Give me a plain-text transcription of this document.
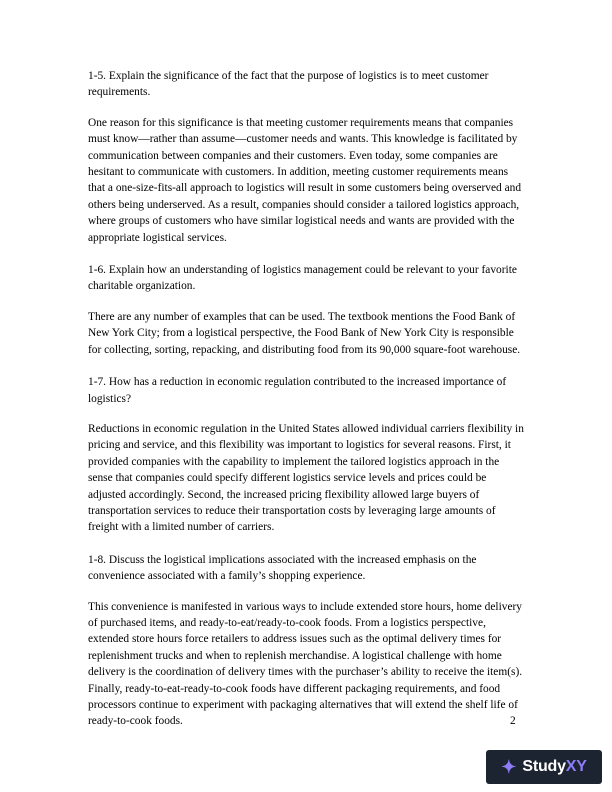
1-5. Explain the significance of the fact that the purpose of logistics is to meet customer requirements.

One reason for this significance is that meeting customer requirements means that companies must know—rather than assume—customer needs and wants. This knowledge is facilitated by communication between companies and their customers. Even today, some companies are hesitant to communicate with customers. In addition, meeting customer requirements means that a one-size-fits-all approach to logistics will result in some customers being overserved and others being underserved. As a result, companies should consider a tailored logistics approach, where groups of customers who have similar logistical needs and wants are provided with the appropriate logistical services.

1-6. Explain how an understanding of logistics management could be relevant to your favorite charitable organization.

There are any number of examples that can be used. The textbook mentions the Food Bank of New York City; from a logistical perspective, the Food Bank of New York City is responsible for collecting, sorting, repacking, and distributing food from its 90,000 square-foot warehouse.

1-7. How has a reduction in economic regulation contributed to the increased importance of logistics?

Reductions in economic regulation in the United States allowed individual carriers flexibility in pricing and service, and this flexibility was important to logistics for several reasons. First, it provided companies with the capability to implement the tailored logistics approach in the sense that companies could specify different logistics service levels and prices could be adjusted accordingly. Second, the increased pricing flexibility allowed large buyers of transportation services to reduce their transportation costs by leveraging large amounts of freight with a limited number of carriers.

1-8. Discuss the logistical implications associated with the increased emphasis on the convenience associated with a family’s shopping experience.

This convenience is manifested in various ways to include extended store hours, home delivery of purchased items, and ready-to-eat/ready-to-cook foods. From a logistics perspective, extended store hours force retailers to address issues such as the optimal delivery times for replenishment trucks and when to replenish merchandise. A logistical challenge with home delivery is the coordination of delivery times with the purchaser’s ability to receive the item(s). Finally, ready-to-eat-ready-to-cook foods have different packaging requirements, and food processors continue to experiment with packaging alternatives that will extend the shelf life of ready-to-cook foods.	2
✦ Study XY
